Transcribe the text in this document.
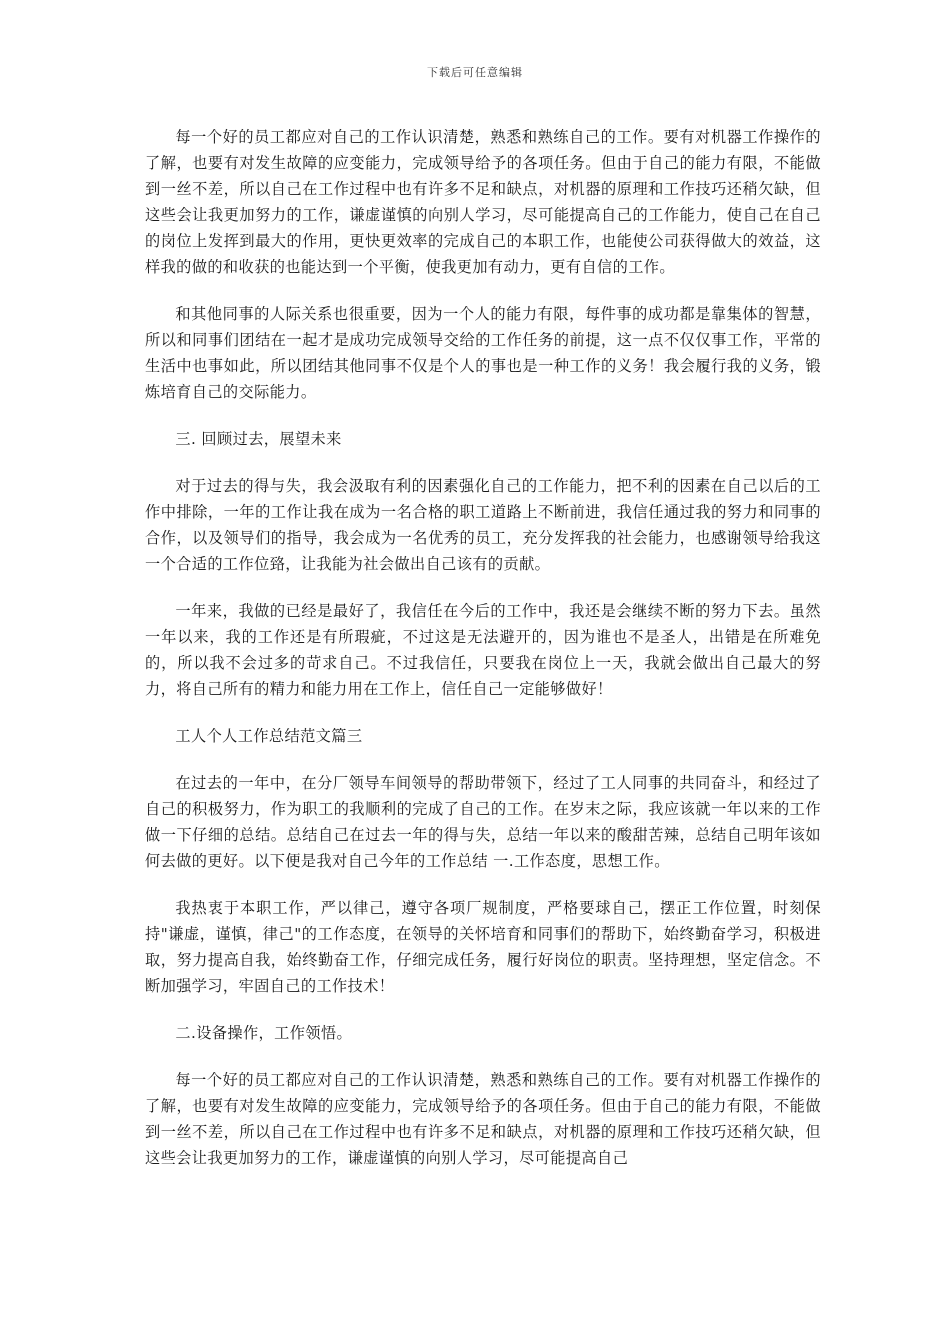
下载后可任意编辑

每一个好的员工都应对自己的工作认识清楚，熟悉和熟练自己的工作。要有对机器工作操作的了解，也要有对发生故障的应变能力，完成领导给予的各项任务。但由于自己的能力有限，不能做到一丝不差，所以自己在工作过程中也有许多不足和缺点，对机器的原理和工作技巧还稍欠缺，但这些会让我更加努力的工作，谦虚谨慎的向别人学习，尽可能提高自己的工作能力，使自己在自己的岗位上发挥到最大的作用，更快更效率的完成自己的本职工作，也能使公司获得做大的效益，这样我的做的和收获的也能达到一个平衡，使我更加有动力，更有自信的工作。

和其他同事的人际关系也很重要，因为一个人的能力有限，每件事的成功都是靠集体的智慧，所以和同事们团结在一起才是成功完成领导交给的工作任务的前提，这一点不仅仅事工作，平常的生活中也事如此，所以团结其他同事不仅是个人的事也是一种工作的义务！我会履行我的义务，锻炼培育自己的交际能力。

三. 回顾过去，展望未来

对于过去的得与失，我会汲取有利的因素强化自己的工作能力，把不利的因素在自己以后的工作中排除，一年的工作让我在成为一名合格的职工道路上不断前进，我信任通过我的努力和同事的合作，以及领导们的指导，我会成为一名优秀的员工，充分发挥我的社会能力，也感谢领导给我这一个合适的工作位臵，让我能为社会做出自己该有的贡献。

一年来，我做的已经是最好了，我信任在今后的工作中，我还是会继续不断的努力下去。虽然一年以来，我的工作还是有所瑕疵，不过这是无法避开的，因为谁也不是圣人，出错是在所难免的，所以我不会过多的苛求自己。不过我信任，只要我在岗位上一天，我就会做出自己最大的努力，将自己所有的精力和能力用在工作上，信任自己一定能够做好！

工人个人工作总结范文篇三

在过去的一年中，在分厂领导车间领导的帮助带领下，经过了工人同事的共同奋斗，和经过了自己的积极努力，作为职工的我顺利的完成了自己的工作。在岁末之际，我应该就一年以来的工作做一下仔细的总结。总结自己在过去一年的得与失，总结一年以来的酸甜苦辣，总结自己明年该如何去做的更好。以下便是我对自己今年的工作总结 一.工作态度，思想工作。

我热衷于本职工作，严以律己，遵守各项厂规制度，严格要球自己，摆正工作位置，时刻保持"谦虚，谨慎，律己"的工作态度，在领导的关怀培育和同事们的帮助下，始终勤奋学习，积极进取，努力提高自我，始终勤奋工作，仔细完成任务，履行好岗位的职责。坚持理想，坚定信念。不断加强学习，牢固自己的工作技术！

二.设备操作，工作领悟。

每一个好的员工都应对自己的工作认识清楚，熟悉和熟练自己的工作。要有对机器工作操作的了解，也要有对发生故障的应变能力，完成领导给予的各项任务。但由于自己的能力有限，不能做到一丝不差，所以自己在工作过程中也有许多不足和缺点，对机器的原理和工作技巧还稍欠缺，但这些会让我更加努力的工作，谦虚谨慎的向别人学习，尽可能提高自己
